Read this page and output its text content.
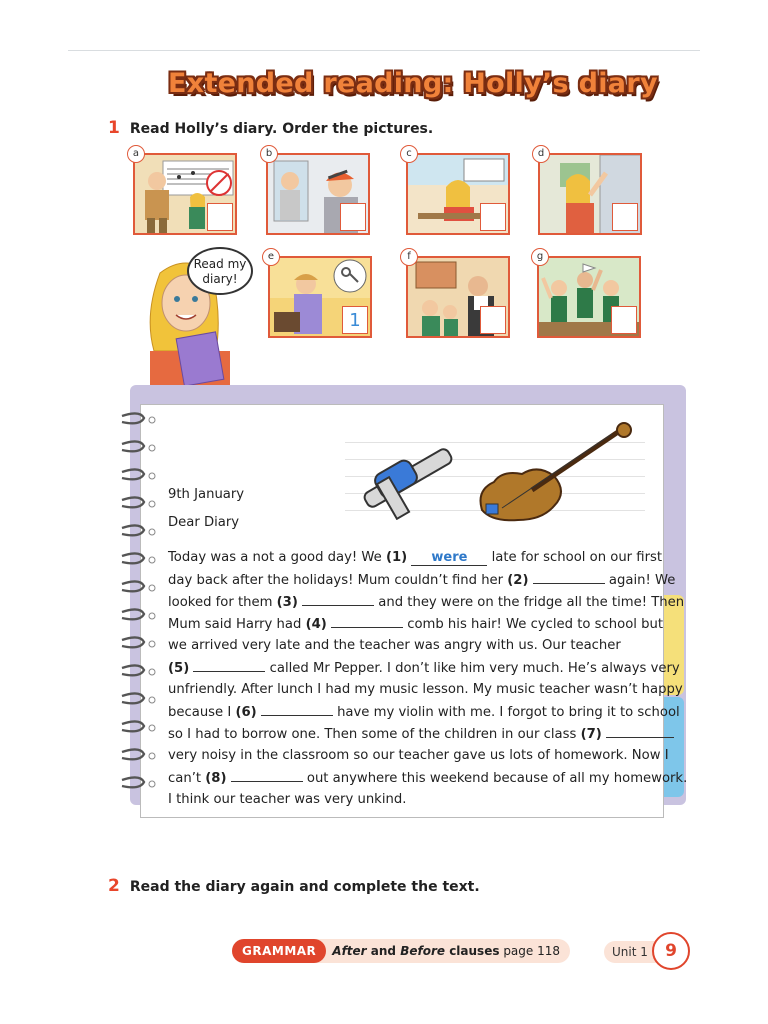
Extended reading: Holly’s diary
1 Read Holly’s diary. Order the pictures.
a	b	c	d
Read my
diary!
e
1
f	g
9th January
Dear Diary
Today was a not a good day! We (1) were late for school on our first
day back after the holidays! Mum couldn’t find her (2)	again! We
looked for them (3)	and they were on the fridge all the time! Then
Mum said Harry had (4)	comb his hair! We cycled to school but
we arrived very late and the teacher was angry with us. Our teacher
(5)	called Mr Pepper. I don’t like him very much. He’s always very
unfriendly. After lunch I had my music lesson. My music teacher wasn’t happy
because I (6)	have my violin with me. I forgot to bring it to school
so I had to borrow one. Then some of the children in our class (7)
very noisy in the classroom so our teacher gave us lots of homework. Now I
can’t (8)	out anywhere this weekend because of all my homework.
I think our teacher was very unkind.
2 Read the diary again and complete the text.
GRAMMAR After and Before clauses page 118	Unit 1	9
